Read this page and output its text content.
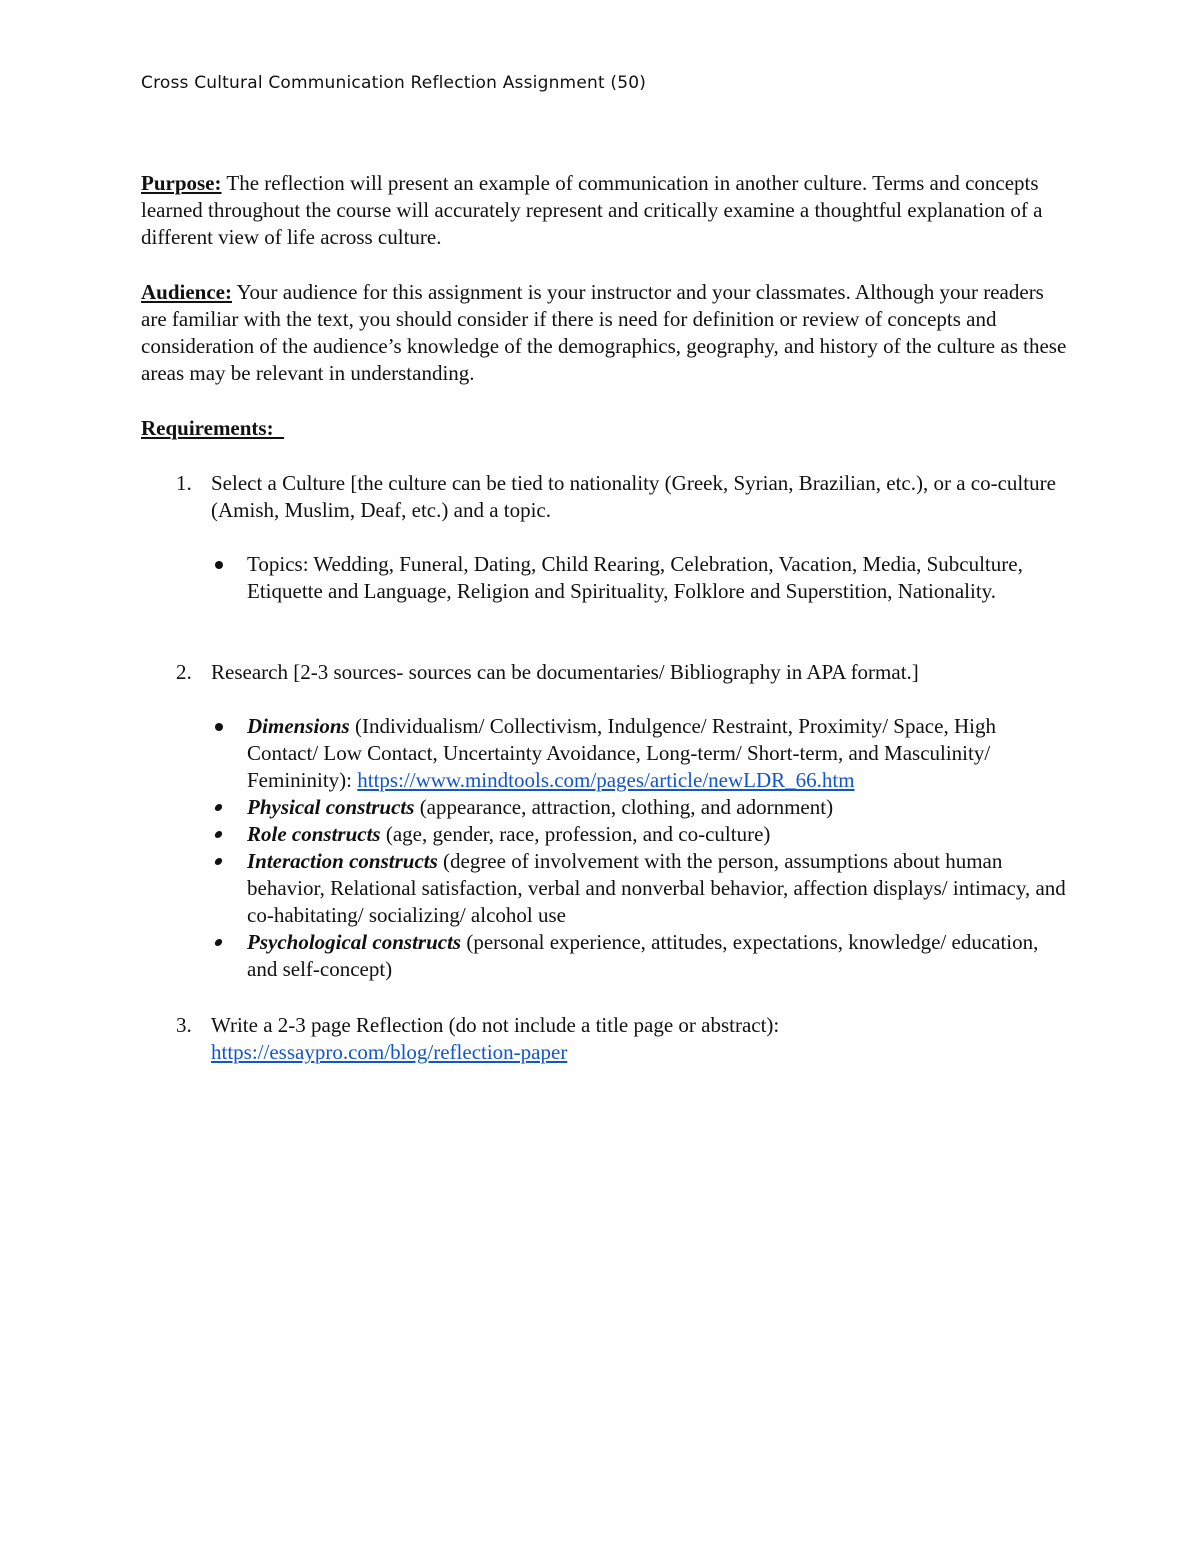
Cross Cultural Communication Reflection Assignment (50)

Purpose: The reflection will present an example of communication in another culture. Terms and concepts learned throughout the course will accurately represent and critically examine a thoughtful explanation of a different view of life across culture.

Audience: Your audience for this assignment is your instructor and your classmates. Although your readers are familiar with the text, you should consider if there is need for definition or review of concepts and consideration of the audience’s knowledge of the demographics, geography, and history of the culture as these areas may be relevant in understanding.

Requirements:
1. Select a Culture [the culture can be tied to nationality (Greek, Syrian, Brazilian, etc.), or a co-culture (Amish, Muslim, Deaf, etc.) and a topic.
Topics: Wedding, Funeral, Dating, Child Rearing, Celebration, Vacation, Media, Subculture, Etiquette and Language, Religion and Spirituality, Folklore and Superstition, Nationality.
2. Research [2-3 sources- sources can be documentaries/ Bibliography in APA format.]
Dimensions (Individualism/ Collectivism, Indulgence/ Restraint, Proximity/ Space, High Contact/ Low Contact, Uncertainty Avoidance, Long-term/ Short-term, and Masculinity/ Femininity): https://www.mindtools.com/pages/article/newLDR_66.htm
Physical constructs (appearance, attraction, clothing, and adornment)
Role constructs (age, gender, race, profession, and co-culture)
Interaction constructs (degree of involvement with the person, assumptions about human behavior, Relational satisfaction, verbal and nonverbal behavior, affection displays/ intimacy, and co-habitating/ socializing/ alcohol use
Psychological constructs (personal experience, attitudes, expectations, knowledge/ education, and self-concept)
3. Write a 2-3 page Reflection (do not include a title page or abstract): https://essaypro.com/blog/reflection-paper
